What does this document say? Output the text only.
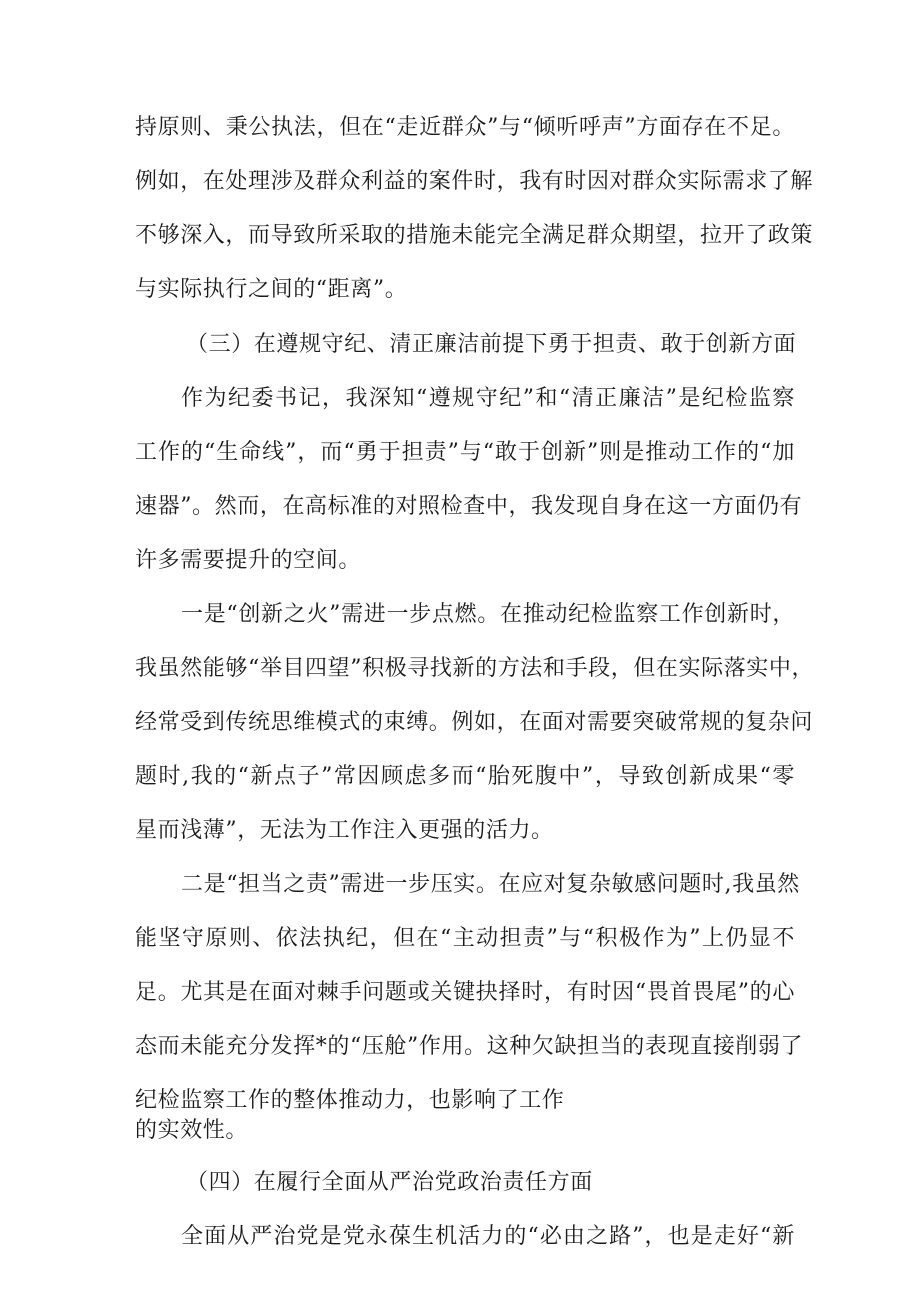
持原则、秉公执法，但在“走近群众”与“倾听呼声”方面存在不足。
例如，在处理涉及群众利益的案件时，我有时因对群众实际需求了解
不够深入，而导致所采取的措施未能完全满足群众期望，拉开了政策
与实际执行之间的“距离”。
（三）在遵规守纪、清正廉洁前提下勇于担责、敢于创新方面
作为纪委书记，我深知“遵规守纪”和“清正廉洁”是纪检监察
工作的“生命线”，而“勇于担责”与“敢于创新”则是推动工作的“加
速器”。然而，在高标准的对照检查中，我发现自身在这一方面仍有
许多需要提升的空间。
一是“创新之火”需进一步点燃。在推动纪检监察工作创新时，
我虽然能够“举目四望”积极寻找新的方法和手段，但在实际落实中，
经常受到传统思维模式的束缚。例如，在面对需要突破常规的复杂问
题时,我的“新点子”常因顾虑多而“胎死腹中”，导致创新成果“零
星而浅薄”，无法为工作注入更强的活力。
二是“担当之责”需进一步压实。在应对复杂敏感问题时,我虽然
能坚守原则、依法执纪，但在“主动担责”与“积极作为”上仍显不
足。尤其是在面对棘手问题或关键抉择时，有时因“畏首畏尾”的心
态而未能充分发挥*的“压舱”作用。这种欠缺担当的表现直接削弱了
纪检监察工作的整体推动力，也影响了工作
的实效性。
（四）在履行全面从严治党政治责任方面
全面从严治党是党永葆生机活力的“必由之路”，也是走好“新
